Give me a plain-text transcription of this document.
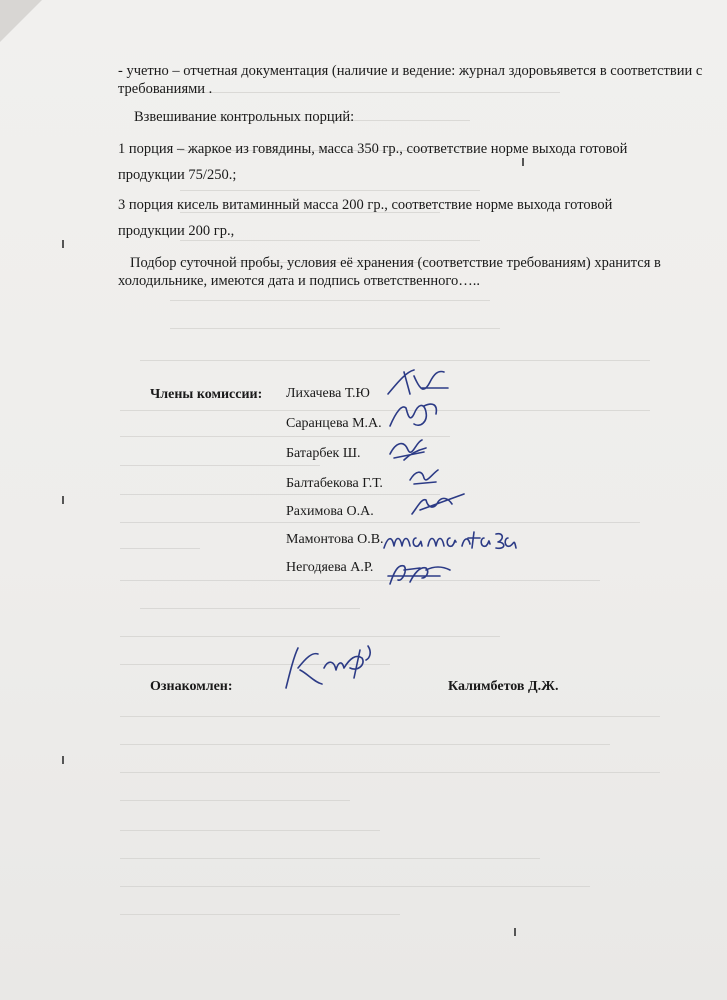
- учетно – отчетная документация (наличие и ведение: журнал здоровьявется в соответствии с
требованиями .
Взвешивание контрольных порций:
1 порция – жаркое из говядины, масса 350 гр., соответствие норме выхода готовой
продукции 75/250.;
3 порция кисель витаминный масса 200 гр., соответствие норме выхода готовой
продукции 200 гр.,
Подбор суточной пробы, условия её хранения (соответствие требованиям) хранится в
холодильнике, имеются дата и подпись ответственного…..
Члены комиссии: Лихачева Т.Ю
Саранцева М.А.
Батарбек Ш.
Балтабекова Г.Т.
Рахимова О.А.
Мамонтова О.В.
Негодяева А.Р.
Ознакомлен:	Калимбетов Д.Ж.
